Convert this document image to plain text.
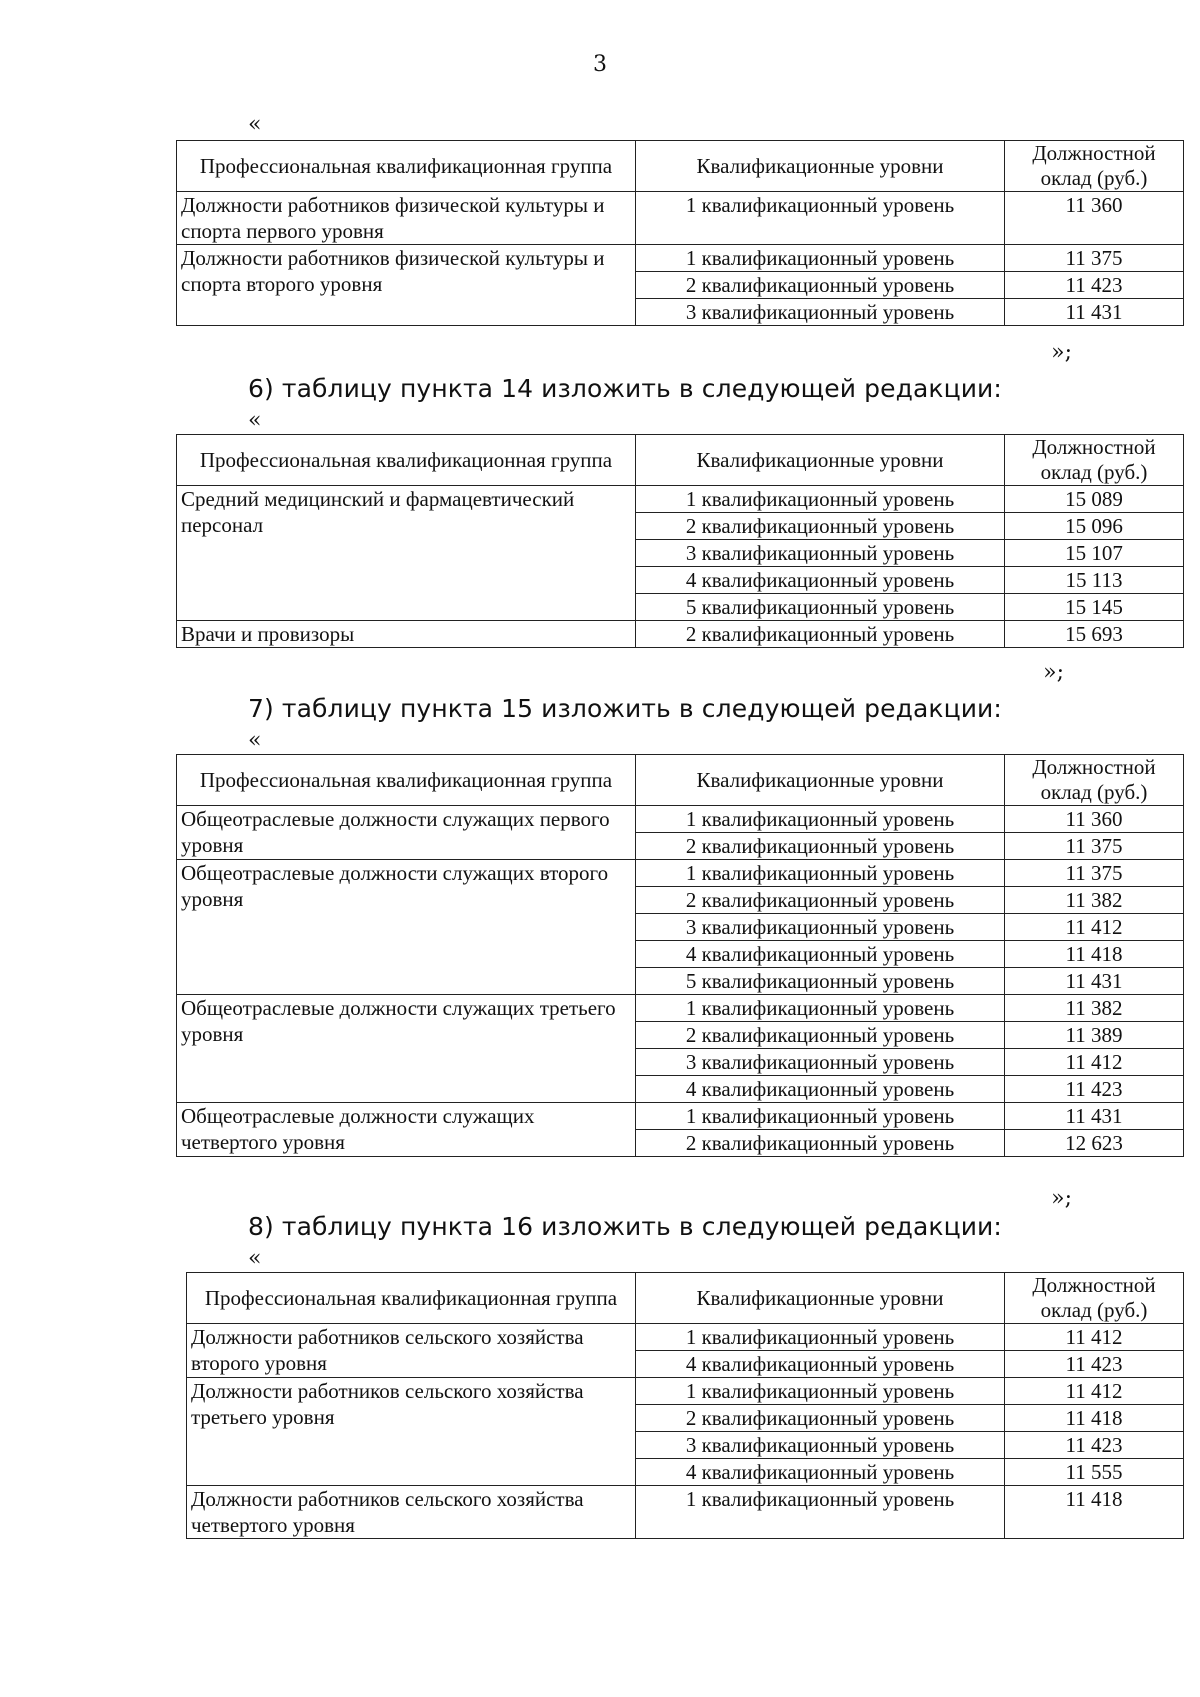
3
«
Профессиональная квалификационная группа	Квалификационные уровни	Должностной оклад (руб.)
Должности работников физической культуры и спорта первого уровня	1 квалификационный уровень	11 360
Должности работников физической культуры и спорта второго уровня	1 квалификационный уровень	11 375
	2 квалификационный уровень	11 423
	3 квалификационный уровень	11 431
»;
6) таблицу пункта 14 изложить в следующей редакции:
«
Профессиональная квалификационная группа	Квалификационные уровни	Должностной оклад (руб.)
Средний медицинский и фармацевтический персонал	1 квалификационный уровень	15 089
	2 квалификационный уровень	15 096
	3 квалификационный уровень	15 107
	4 квалификационный уровень	15 113
	5 квалификационный уровень	15 145
Врачи и провизоры	2 квалификационный уровень	15 693
»;
7) таблицу пункта 15 изложить в следующей редакции:
«
Профессиональная квалификационная группа	Квалификационные уровни	Должностной оклад (руб.)
Общеотраслевые должности служащих первого уровня	1 квалификационный уровень	11 360
	2 квалификационный уровень	11 375
Общеотраслевые должности служащих второго уровня	1 квалификационный уровень	11 375
	2 квалификационный уровень	11 382
	3 квалификационный уровень	11 412
	4 квалификационный уровень	11 418
	5 квалификационный уровень	11 431
Общеотраслевые должности служащих третьего уровня	1 квалификационный уровень	11 382
	2 квалификационный уровень	11 389
	3 квалификационный уровень	11 412
	4 квалификационный уровень	11 423
Общеотраслевые должности служащих четвертого уровня	1 квалификационный уровень	11 431
	2 квалификационный уровень	12 623
»;
8) таблицу пункта 16 изложить в следующей редакции:
«
Профессиональная квалификационная группа	Квалификационные уровни	Должностной оклад (руб.)
Должности работников сельского хозяйства второго уровня	1 квалификационный уровень	11 412
	4 квалификационный уровень	11 423
Должности работников сельского хозяйства третьего уровня	1 квалификационный уровень	11 412
	2 квалификационный уровень	11 418
	3 квалификационный уровень	11 423
	4 квалификационный уровень	11 555
Должности работников сельского хозяйства четвертого уровня	1 квалификационный уровень	11 418
